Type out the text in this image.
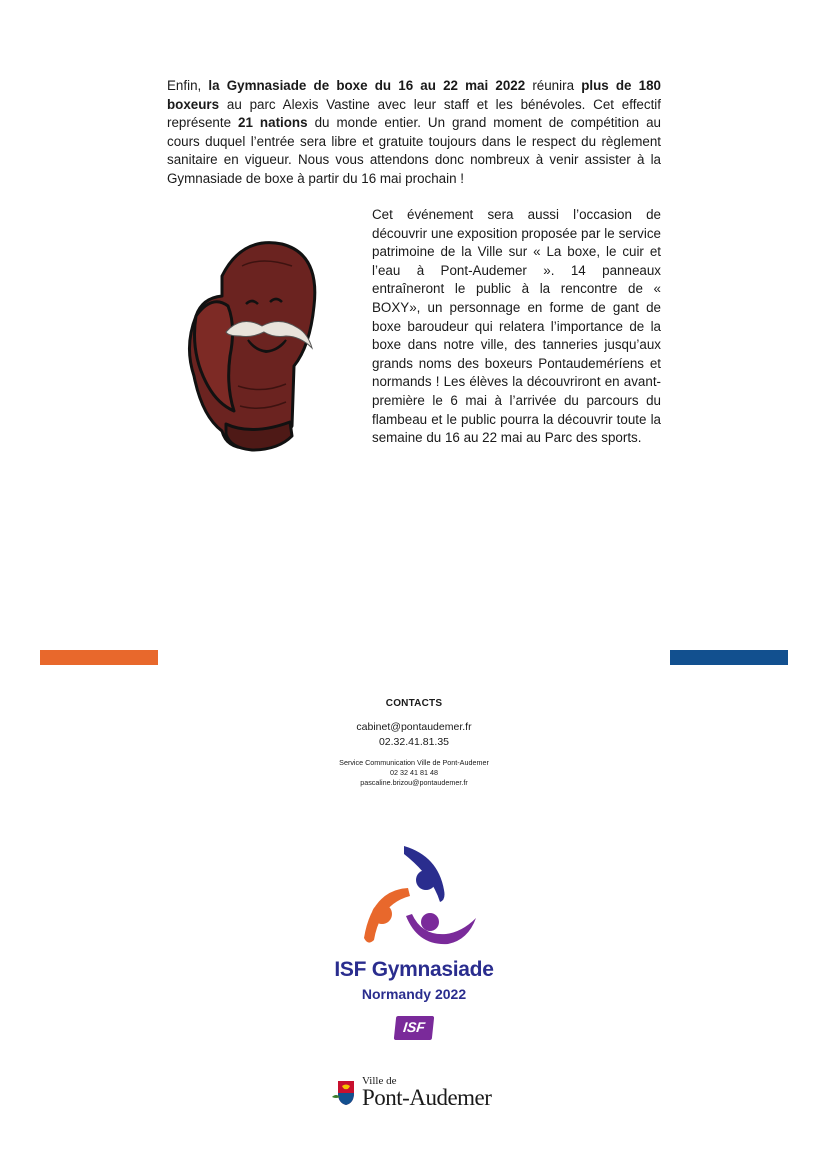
Enfin, la Gymnasiade de boxe du 16 au 22 mai 2022 réunira plus de 180 boxeurs au parc Alexis Vastine avec leur staff et les bénévoles. Cet effectif représente 21 nations du monde entier. Un grand moment de compétition au cours duquel l’entrée sera libre et gratuite toujours dans le respect du règlement sanitaire en vigueur. Nous vous attendons donc nombreux à venir assister à la Gymnasiade de boxe à partir du 16 mai prochain !
Cet événement sera aussi l’occasion de découvrir une exposition proposée par le service patrimoine de la Ville sur « La boxe, le cuir et l’eau à Pont-Audemer ». 14 panneaux entraîneront le public à la rencontre de « BOXY», un personnage en forme de gant de boxe baroudeur qui relatera l’importance de la boxe dans notre ville, des tanneries jusqu’aux grands noms des boxeurs Pontaudeméríens et normands ! Les élèves la découvriront en avant-première le 6 mai à l’arrivée du parcours du flambeau et le public pourra la découvrir toute la semaine du 16 au 22 mai au Parc des sports.
CONTACTS
cabinet@pontaudemer.fr
02.32.41.81.35
Service Communication Ville de Pont-Audemer
02 32 41 81 48
pascaline.brizou@pontaudemer.fr
ISF Gymnasiade
Normandy 2022
ISF
Ville de
Pont-Audemer
